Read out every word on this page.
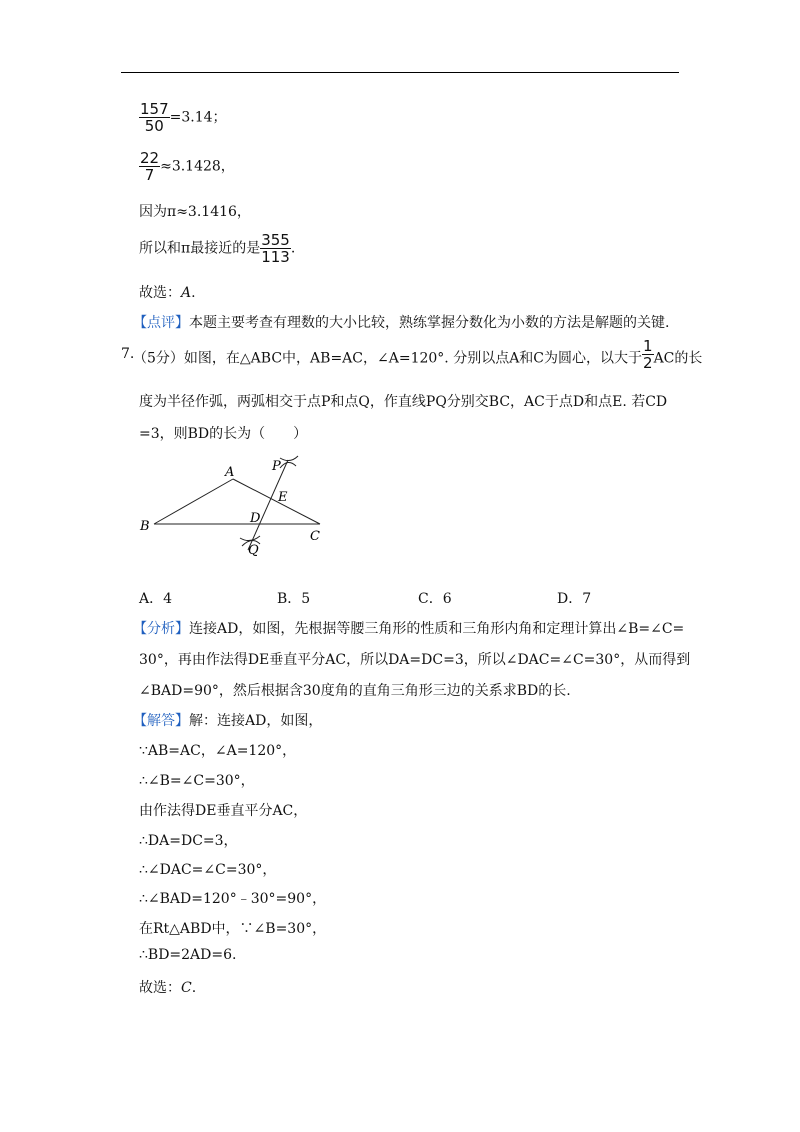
$\frac{157}{50} =3.14$；
$\frac{22}{7} \approx 3.1428$，
因为π≈3.1416，
所以和π最接近的是 $\frac{355}{113}$ .
故选：A.
【点评】本题主要考查有理数的大小比较，熟练掌握分数化为小数的方法是解题的关键.
7.
（5分）如图，在△ABC中，AB=AC，∠A=120°. 分别以点A和C为圆心，以大于 $\frac{1}{2}$ AC的长
度为半径作弧，两弧相交于点P和点Q，作直线PQ分别交BC，AC于点D和点E. 若CD
=3，则BD的长为（　　）
A
B
C
D
E
P
Q
A．4	B．5	C．6	D．7
【分析】连接AD，如图，先根据等腰三角形的性质和三角形内角和定理计算出∠B=∠C=
30°，再由作法得DE垂直平分AC，所以DA=DC=3，所以∠DAC=∠C=30°，从而得到
∠BAD=90°，然后根据含30度角的直角三角形三边的关系求BD的长.
【解答】解：连接AD，如图，
∵AB=AC，∠A=120°，
∴∠B=∠C=30°，
由作法得DE垂直平分AC，
∴DA=DC=3，
∴∠DAC=∠C=30°，
∴∠BAD=120°﹣30°=90°，
在Rt△ABD中，∵∠B=30°，
∴BD=2AD=6.
故选：C.
